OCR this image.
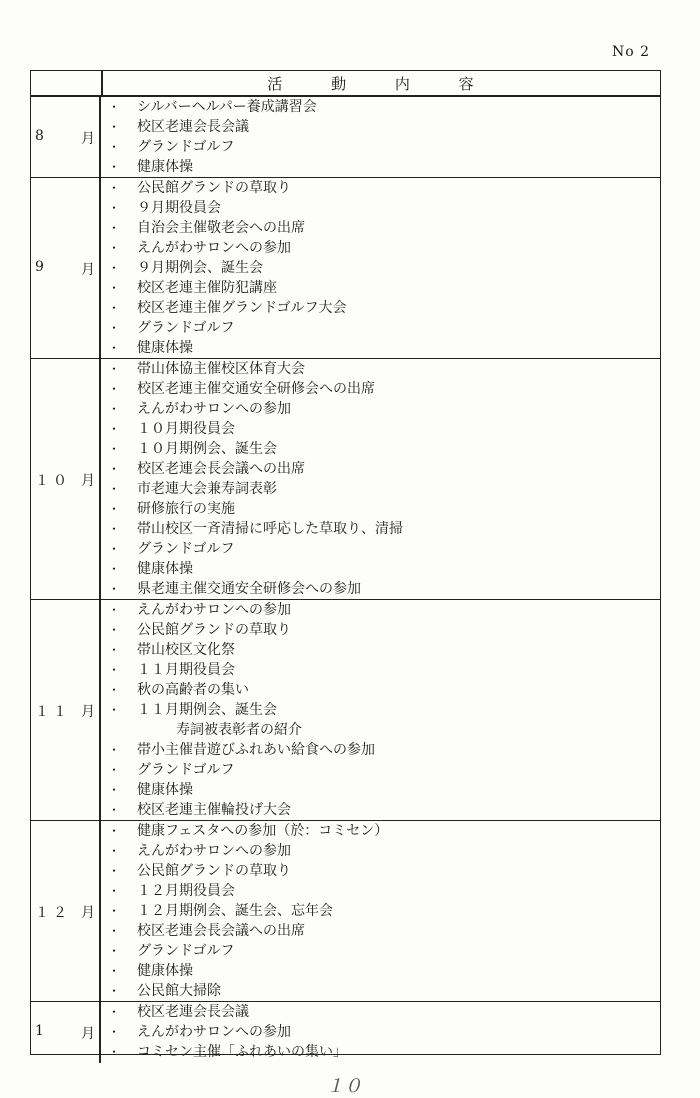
No 2
活 動 内 容
8 月
・ シルバーヘルパー養成講習会
・ 校区老連会長会議
・ グランドゴルフ
・ 健康体操
9 月
・ 公民館グランドの草取り
・ ９月期役員会
・ 自治会主催敬老会への出席
・ えんがわサロンへの参加
・ ９月期例会、誕生会
・ 校区老連主催防犯講座
・ 校区老連主催グランドゴルフ大会
・ グランドゴルフ
・ 健康体操
１０ 月
・ 帯山体協主催校区体育大会
・ 校区老連主催交通安全研修会への出席
・ えんがわサロンへの参加
・ １０月期役員会
・ １０月期例会、誕生会
・ 校区老連会長会議への出席
・ 市老連大会兼寿詞表彰
・ 研修旅行の実施
・ 帯山校区一斉清掃に呼応した草取り、清掃
・ グランドゴルフ
・ 健康体操
・ 県老連主催交通安全研修会への参加
１１ 月
・ えんがわサロンへの参加
・ 公民館グランドの草取り
・ 帯山校区文化祭
・ １１月期役員会
・ 秋の高齢者の集い
・ １１月期例会、誕生会
寿詞被表彰者の紹介
・ 帯小主催昔遊びふれあい給食への参加
・ グランドゴルフ
・ 健康体操
・ 校区老連主催輪投げ大会
１２ 月
・ 健康フェスタへの参加（於：コミセン）
・ えんがわサロンへの参加
・ 公民館グランドの草取り
・ １２月期役員会
・ １２月期例会、誕生会、忘年会
・ 校区老連会長会議への出席
・ グランドゴルフ
・ 健康体操
・ 公民館大掃除
1 月
・ 校区老連会長会議
・ えんがわサロンへの参加
・ コミセン主催「ふれあいの集い」
１０
